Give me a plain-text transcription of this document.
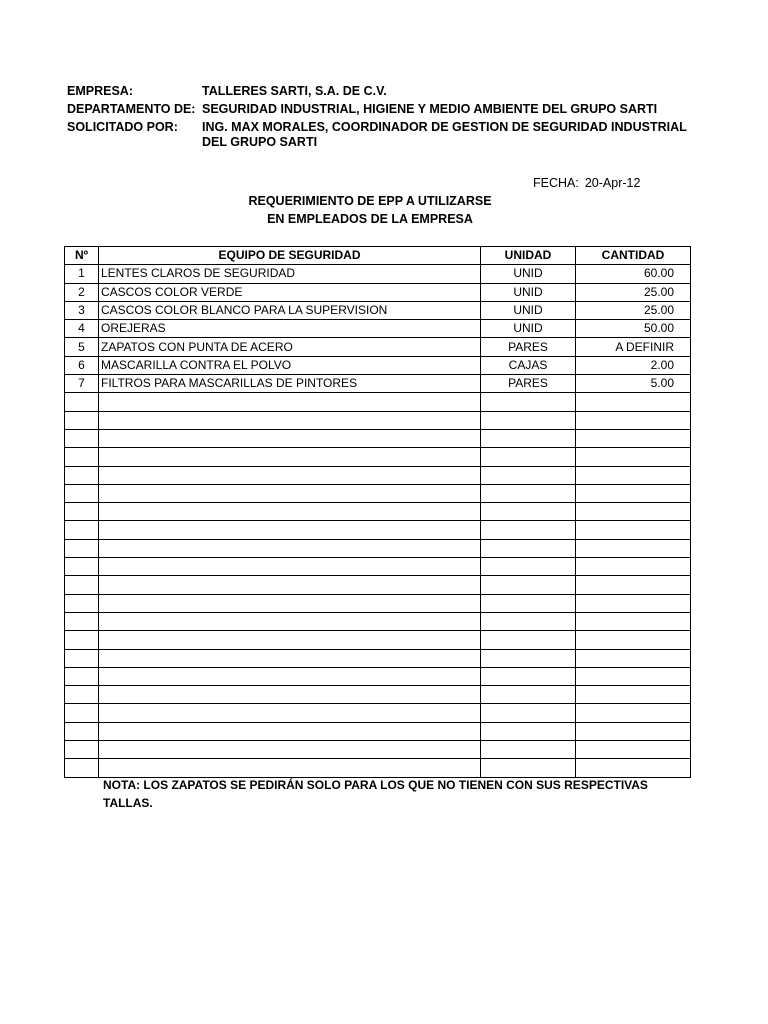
EMPRESA:	TALLERES SARTI, S.A. DE C.V.
DEPARTAMENTO DE: SEGURIDAD INDUSTRIAL, HIGIENE Y MEDIO AMBIENTE DEL GRUPO SARTI
SOLICITADO POR: ING. MAX MORALES, COORDINADOR DE GESTION DE SEGURIDAD INDUSTRIAL DEL GRUPO SARTI
FECHA: 20-Apr-12
REQUERIMIENTO DE EPP A UTILIZARSE
EN EMPLEADOS DE LA EMPRESA
Nº	EQUIPO DE SEGURIDAD	UNIDAD	CANTIDAD
1	LENTES CLAROS DE SEGURIDAD	UNID	60.00
2	CASCOS COLOR VERDE	UNID	25.00
3	CASCOS COLOR BLANCO PARA LA SUPERVISION	UNID	25.00
4	OREJERAS	UNID	50.00
5	ZAPATOS CON PUNTA DE ACERO	PARES	A DEFINIR
6	MASCARILLA CONTRA EL POLVO	CAJAS	2.00
7	FILTROS PARA MASCARILLAS DE PINTORES	PARES	5.00

NOTA: LOS ZAPATOS SE PEDIRÁN SOLO PARA LOS QUE NO TIENEN CON SUS RESPECTIVAS TALLAS.
